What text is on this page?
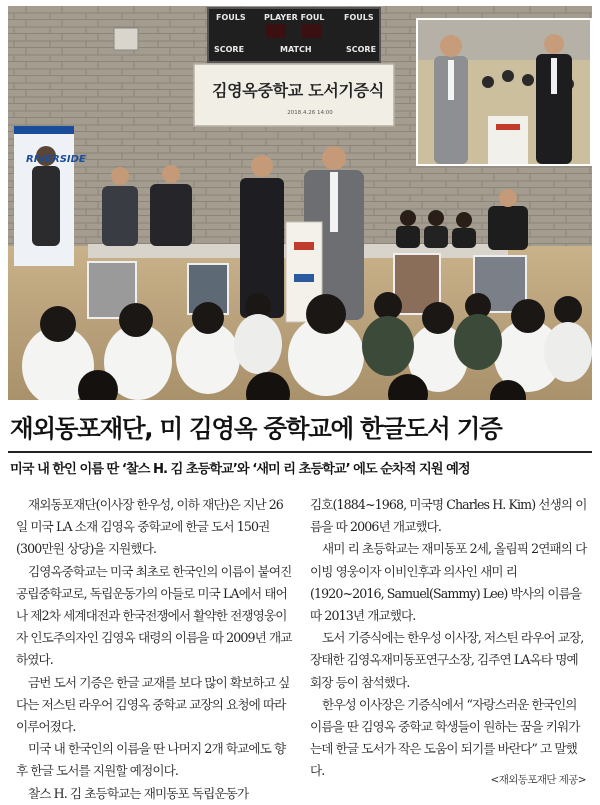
FOULS PLAYER FOUL FOULS
SCORE	MATCH	SCORE
김영옥중학교 도서기증식
2018.4.26 14:00
RIVERSIDE
재외동포재단, 미 김영옥 중학교에 한글도서 기증
미국 내 한인 이름 딴 ‘찰스 H. 김 초등학교’와 ‘새미 리 초등학교’ 에도 순차적 지원 예정

재외동포재단(이사장 한우성, 이하 재단)은 지난 26일 미국 LA 소재 김영옥 중학교에 한글 도서 150권(300만원 상당)을 지원했다.

김영옥중학교는 미국 최초로 한국인의 이름이 붙여진 공립중학교로, 독립운동가의 아들로 미국 LA에서 태어나 제2차 세계대전과 한국전쟁에서 활약한 전쟁영웅이자 인도주의자인 김영옥 대령의 이름을 따 2009년 개교하였다.

금번 도서 기증은 한글 교재를 보다 많이 확보하고 싶다는 저스틴 라우어 김영옥 중학교 교장의 요청에 따라 이루어졌다.

미국 내 한국인의 이름을 딴 나머지 2개 학교에도 향후 한글 도서를 지원할 예정이다.

찰스 H. 김 초등학교는 재미동포 독립운동가

김호(1884~1968, 미국명 Charles H. Kim) 선생의 이름을 따 2006년 개교했다.

새미 리 초등학교는 재미동포 2세, 올림픽 2연패의 다이빙 영웅이자 이비인후과 의사인 새미 리(1920~2016, Samuel(Sammy) Lee) 박사의 이름을 따 2013년 개교했다.

도서 기증식에는 한우성 이사장, 저스틴 라우어 교장, 장태한 김영옥재미동포연구소장, 김주연 LA옥타 명예회장 등이 참석했다.

한우성 이사장은 기증식에서 “자랑스러운 한국인의 이름을 딴 김영옥 중학교 학생들이 원하는 꿈을 키워가는데 한글 도서가 작은 도움이 되기를 바란다” 고 말했다.

<재외동포재단 제공>
